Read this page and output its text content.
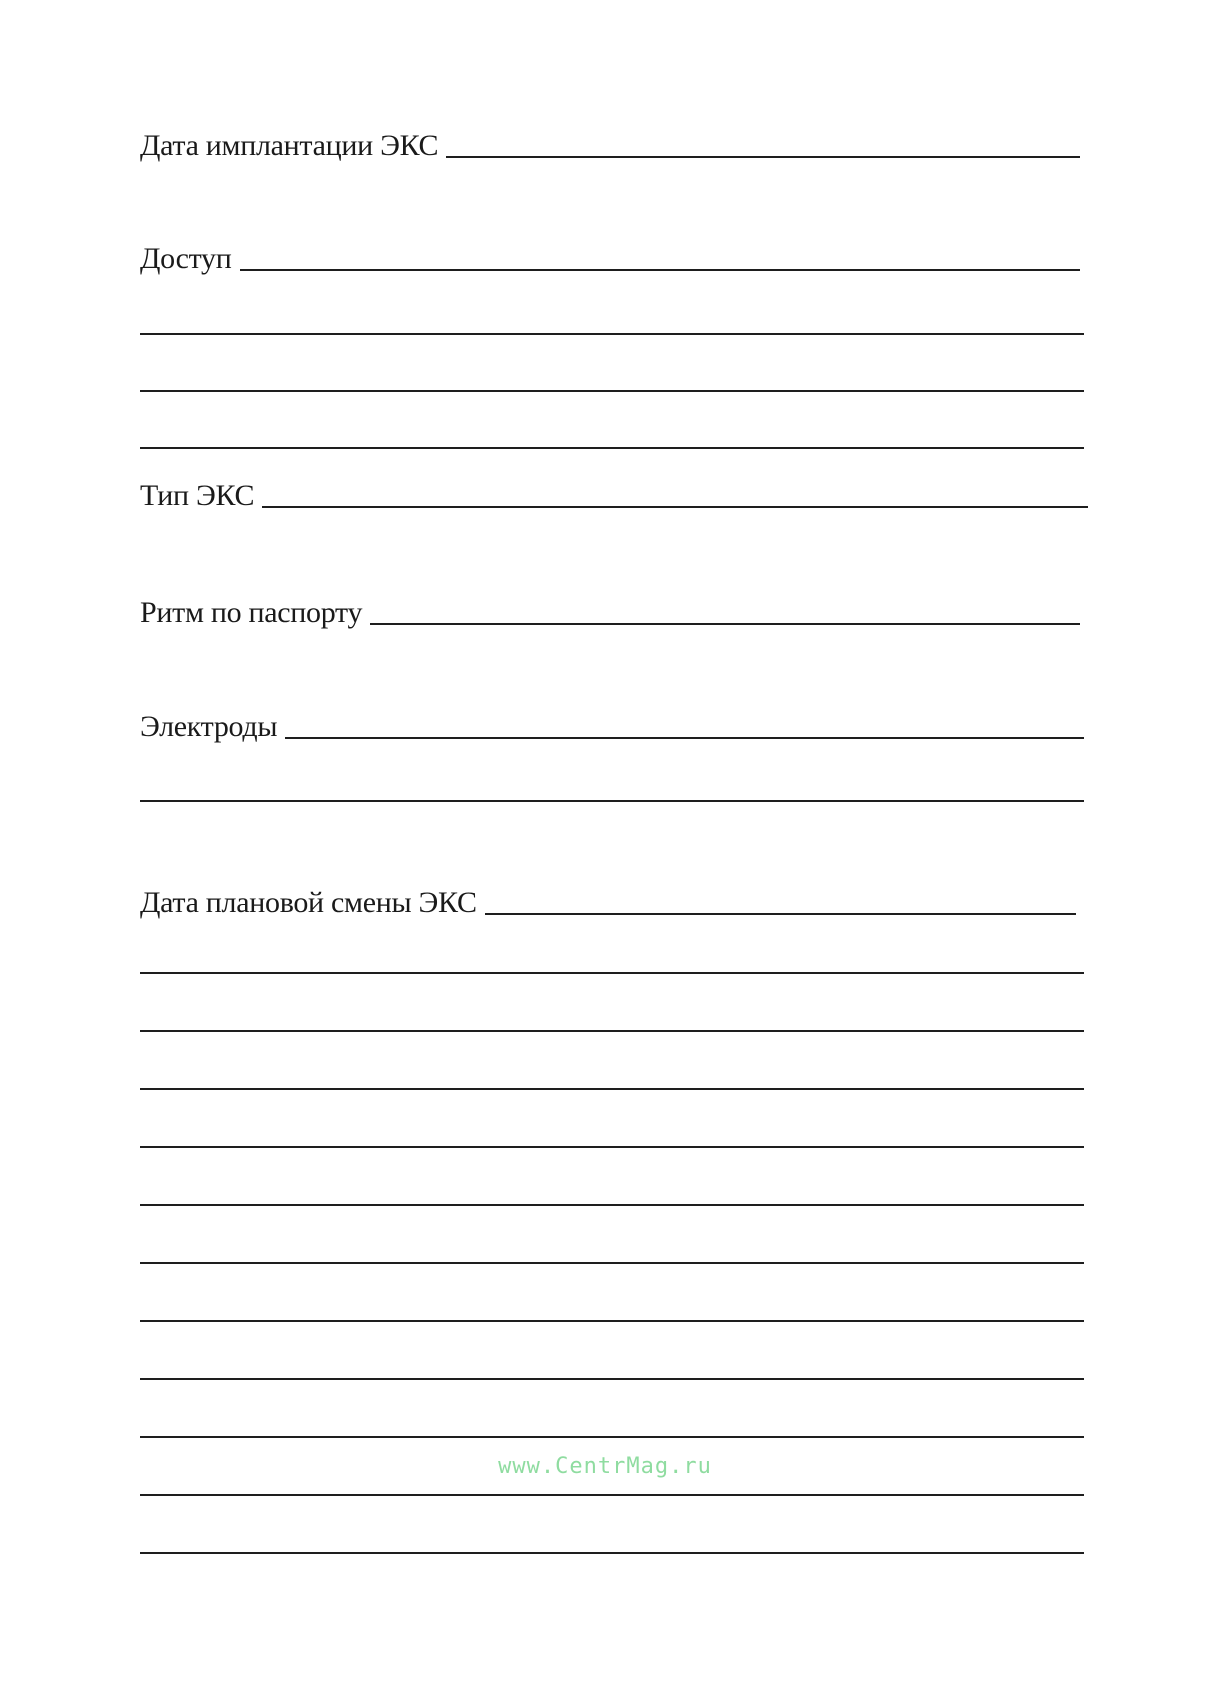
Дата имплантации ЭКС
Доступ
Тип ЭКС
Ритм по паспорту
Электроды
Дата плановой смены ЭКС
www.CentrMag.ru
